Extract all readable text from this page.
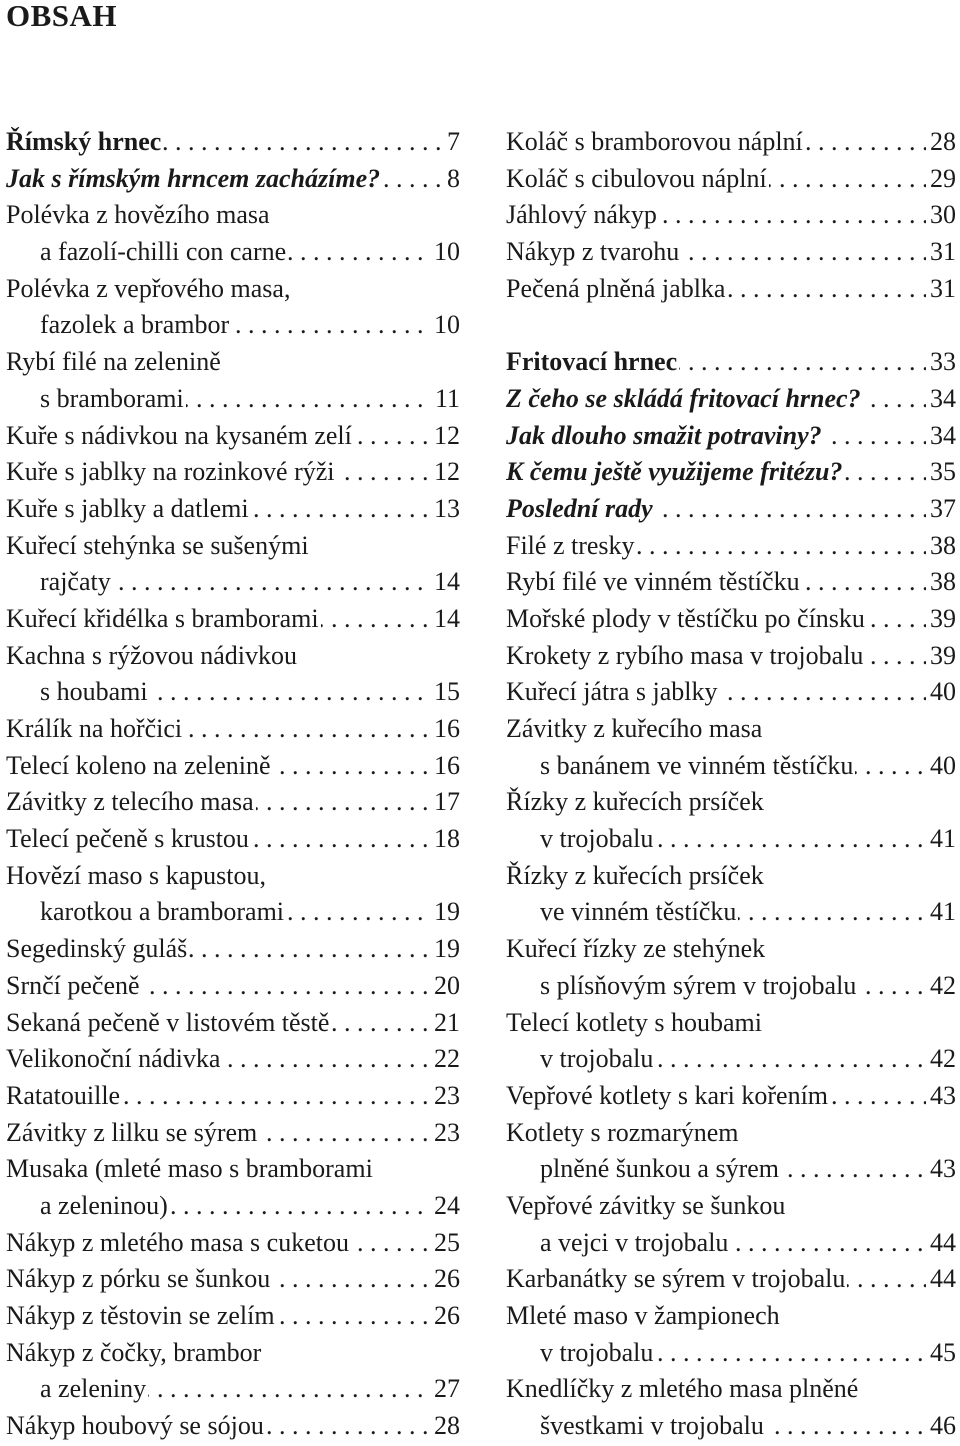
OBSAH
. . . Římský hrnec	7
. . . Jak s římským hrncem zacházíme?	8
Polévka z hovězího masa
. . . a fazolí-chilli con carne	10
Polévka z vepřového masa,
. . . fazolek a brambor	10
Rybí filé na zelenině
. . . s bramborami	11
. . . Kuře s nádivkou na kysaném zelí	12
. . . Kuře s jablky na rozinkové rýži	12
. . . Kuře s jablky a datlemi	13
Kuřecí stehýnka se sušenými
. . . rajčaty	14
. . . Kuřecí křidélka s bramborami	14
Kachna s rýžovou nádivkou
. . . s houbami	15
. . . Králík na hořčici	16
. . . Telecí koleno na zelenině	16
. . . Závitky z telecího masa	17
. . . Telecí pečeně s krustou	18
Hovězí maso s kapustou,
. . . karotkou a bramborami	19
. . . Segedinský guláš	19
. . . Srnčí pečeně	20
. . . Sekaná pečeně v listovém těstě	21
. . . Velikonoční nádivka	22
. . . Ratatouille	23
. . . Závitky z lilku se sýrem	23
Musaka (mleté maso s bramborami
. . . a zeleninou)	24
. . . Nákyp z mletého masa s cuketou	25
. . . Nákyp z pórku se šunkou	26
. . . Nákyp z těstovin se zelím	26
Nákyp z čočky, brambor
. . . a zeleniny	27
. . . Nákyp houbový se sójou	28
. . . Koláč s bramborovou náplní	28
. . . Koláč s cibulovou náplní	29
. . . Jáhlový nákyp	30
. . . Nákyp z tvarohu	31
. . . Pečená plněná jablka	31
. . . Fritovací hrnec	33
. . . Z čeho se skládá fritovací hrnec?	34
. . . Jak dlouho smažit potraviny?	34
. . . K čemu ještě využijeme fritézu?	35
. . . Poslední rady	37
. . . Filé z tresky	38
. . . Rybí filé ve vinném těstíčku	38
. . . Mořské plody v těstíčku po čínsku	39
. . . Krokety z rybího masa v trojobalu	39
. . . Kuřecí játra s jablky	40
Závitky z kuřecího masa
. . . s banánem ve vinném těstíčku	40
Řízky z kuřecích prsíček
. . . v trojobalu	41
Řízky z kuřecích prsíček
. . . ve vinném těstíčku	41
Kuřecí řízky ze stehýnek
. . . s plísňovým sýrem v trojobalu	42
Telecí kotlety s houbami
. . . v trojobalu	42
. . . Vepřové kotlety s kari kořením	43
Kotlety s rozmarýnem
. . . plněné šunkou a sýrem	43
Vepřové závitky se šunkou
. . . a vejci v trojobalu	44
. . . Karbanátky se sýrem v trojobalu	44
Mleté maso v žampionech
. . . v trojobalu	45
Knedlíčky z mletého masa plněné
. . . švestkami v trojobalu	46
